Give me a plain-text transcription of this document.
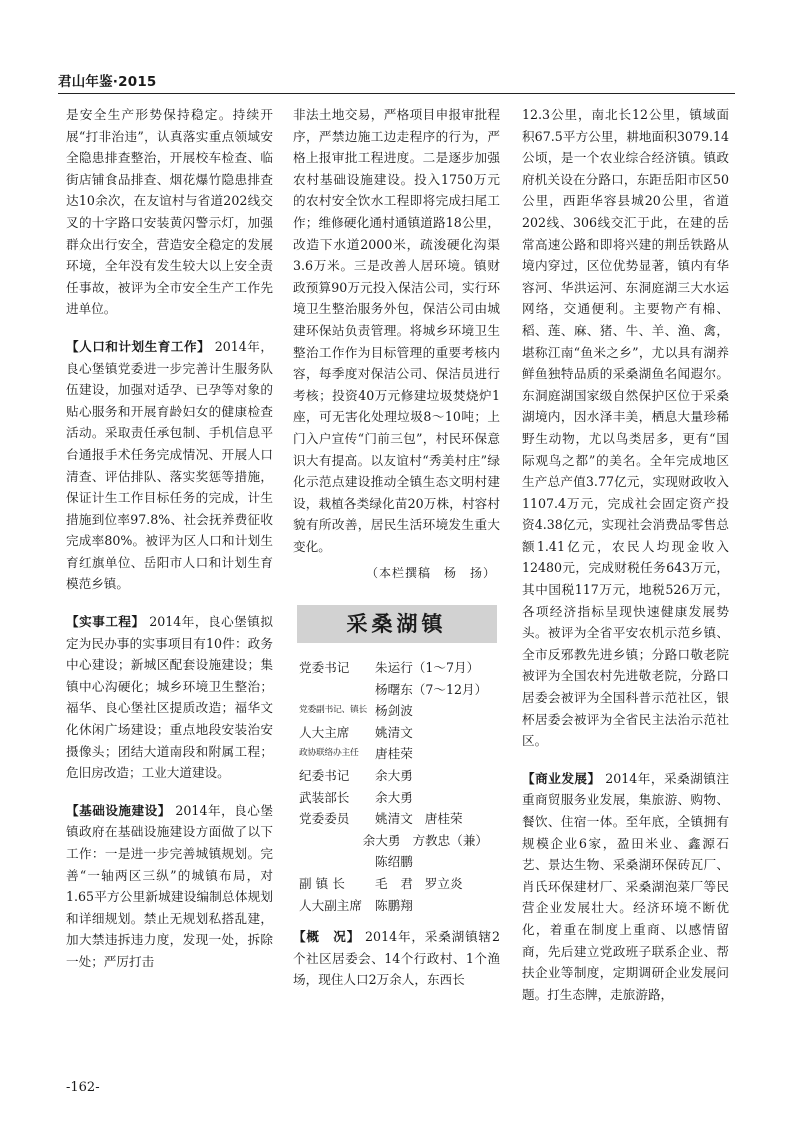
君山年鉴·2015

是安全生产形势保持稳定。持续开展“打非治违”，认真落实重点领域安全隐患排查整治，开展校车检查、临街店铺食品排查、烟花爆竹隐患排查达10余次，在友谊村与省道202线交叉的十字路口安装黄闪警示灯，加强群众出行安全，营造安全稳定的发展环境，全年没有发生较大以上安全责任事故，被评为全市安全生产工作先进单位。

【人口和计划生育工作】 2014年，良心堡镇党委进一步完善计生服务队伍建设，加强对适孕、已孕等对象的贴心服务和开展育龄妇女的健康检查活动。采取责任承包制、手机信息平台通报手术任务完成情况、开展人口清查、评估排队、落实奖惩等措施，保证计生工作目标任务的完成，计生措施到位率97.8%、社会抚养费征收完成率80%。被评为区人口和计划生育红旗单位、岳阳市人口和计划生育模范乡镇。

【实事工程】 2014年，良心堡镇拟定为民办事的实事项目有10件：政务中心建设；新城区配套设施建设；集镇中心沟硬化；城乡环境卫生整治；福华、良心堡社区提质改造；福华文化休闲广场建设；重点地段安装治安摄像头；团结大道南段和附属工程；危旧房改造；工业大道建设。

【基础设施建设】 2014年，良心堡镇政府在基础设施建设方面做了以下工作：一是进一步完善城镇规划。完善“一轴两区三纵”的城镇布局，对1.65平方公里新城建设编制总体规划和详细规划。禁止无规划私搭乱建，加大禁违拆违力度，发现一处，拆除一处；严厉打击

非法土地交易，严格项目申报审批程序，严禁边施工边走程序的行为，严格上报审批工程进度。二是逐步加强农村基础设施建设。投入1750万元的农村安全饮水工程即将完成扫尾工作；维修硬化通村通镇道路18公里，改造下水道2000米，疏浚硬化沟渠3.6万米。三是改善人居环境。镇财政预算90万元投入保洁公司，实行环境卫生整治服务外包，保洁公司由城建环保站负责管理。将城乡环境卫生整治工作作为目标管理的重要考核内容，每季度对保洁公司、保洁员进行考核；投资40万元修建垃圾焚烧炉1座，可无害化处理垃圾8～10吨；上门入户宣传“门前三包”，村民环保意识大有提高。以友谊村“秀美村庄”绿化示范点建设推动全镇生态文明村建设，栽植各类绿化苗20万株，村容村貌有所改善，居民生活环境发生重大变化。

（本栏撰稿　杨　扬）
采桑湖镇
党委书记	朱运行（1～7月）
杨曙东（7～12月）
党委副书记、镇长 杨剑波
人大主席	姚清文
政协联络办主任	唐桂荣
纪委书记	余大勇
武装部长	余大勇
党委委员	姚清文 唐桂荣
余大勇 方教忠（兼）
陈绍鹏
副 镇 长	毛　君 罗立炎
人大副主席	陈鹏翔

【概　况】 2014年，采桑湖镇辖2个社区居委会、14个行政村、1个渔场，现住人口2万余人，东西长

12.3公里，南北长12公里，镇域面积67.5平方公里，耕地面积3079.14公顷，是一个农业综合经济镇。镇政府机关设在分路口，东距岳阳市区50公里，西距华容县城20公里，省道202线、306线交汇于此，在建的岳常高速公路和即将兴建的荆岳铁路从境内穿过，区位优势显著，镇内有华容河、华洪运河、东洞庭湖三大水运网络，交通便利。主要物产有棉、稻、莲、麻、猪、牛、羊、渔、禽，堪称江南“鱼米之乡”，尤以具有湖养鲜鱼独特品质的采桑湖鱼名闻遐尔。东洞庭湖国家级自然保护区位于采桑湖境内，因水泽丰美，栖息大量珍稀野生动物，尤以鸟类居多，更有“国际观鸟之都”的美名。全年完成地区生产总产值3.77亿元，实现财政收入1107.4万元，完成社会固定资产投资4.38亿元，实现社会消费品零售总额1.41亿元，农民人均现金收入12480元，完成财税任务643万元，其中国税117万元，地税526万元，各项经济指标呈现快速健康发展势头。被评为全省平安农机示范乡镇、全市反邪教先进乡镇；分路口敬老院被评为全国农村先进敬老院，分路口居委会被评为全国科普示范社区，银杯居委会被评为全省民主法治示范社区。

【商业发展】 2014年，采桑湖镇注重商贸服务业发展，集旅游、购物、餐饮、住宿一体。至年底，全镇拥有规模企业6家，盈田米业、鑫源石艺、景达生物、采桑湖环保砖瓦厂、肖氏环保建材厂、采桑湖泡菜厂等民营企业发展壮大。经济环境不断优化，着重在制度上重商、以感情留商，先后建立党政班子联系企业、帮扶企业等制度，定期调研企业发展问题。打生态牌，走旅游路，

-162-
